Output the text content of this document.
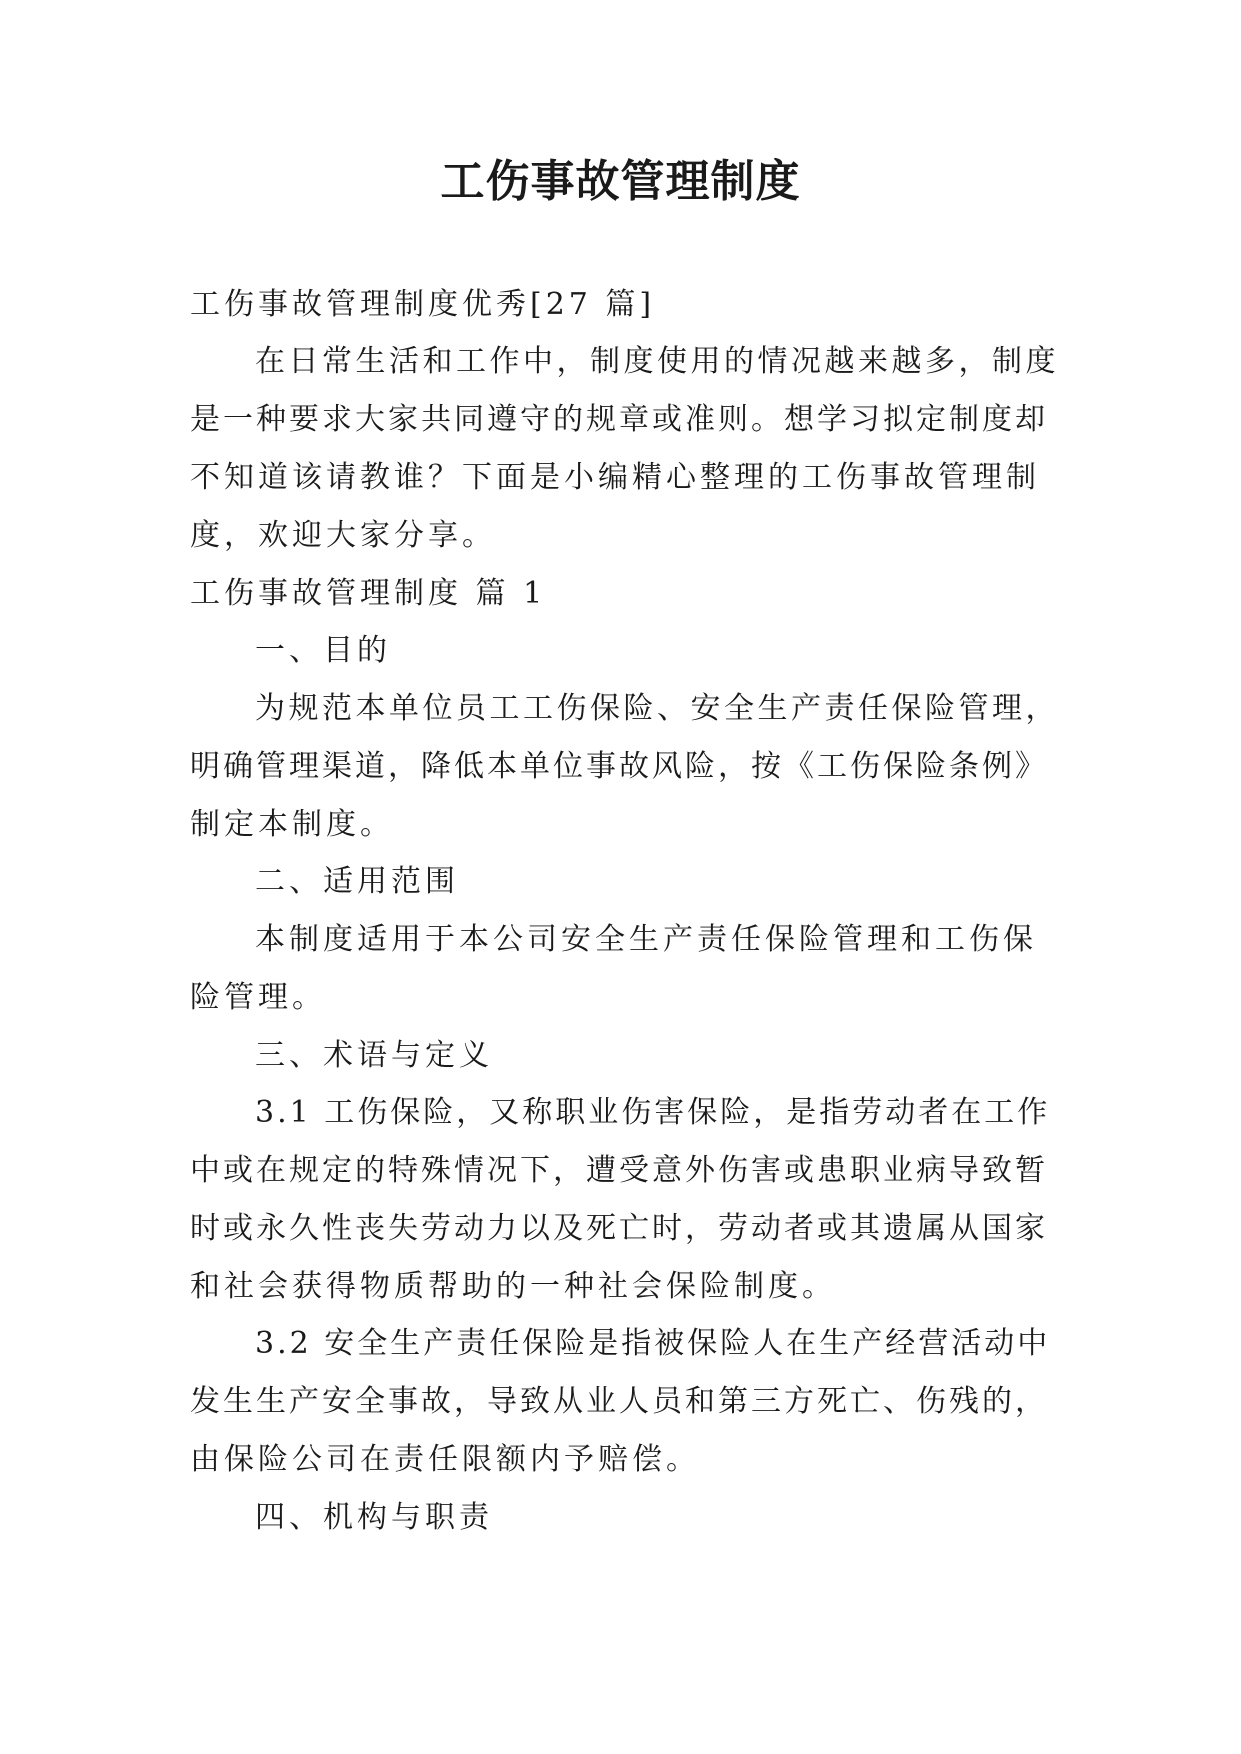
工伤事故管理制度

工伤事故管理制度优秀[27 篇]

在日常生活和工作中，制度使用的情况越来越多，制度

是一种要求大家共同遵守的规章或准则。想学习拟定制度却

不知道该请教谁？下面是小编精心整理的工伤事故管理制

度，欢迎大家分享。

工伤事故管理制度 篇 1

一、目的

为规范本单位员工工伤保险、安全生产责任保险管理，

明确管理渠道，降低本单位事故风险，按《工伤保险条例》

制定本制度。

二、适用范围

本制度适用于本公司安全生产责任保险管理和工伤保

险管理。

三、术语与定义

3.1 工伤保险，又称职业伤害保险，是指劳动者在工作

中或在规定的特殊情况下，遭受意外伤害或患职业病导致暂

时或永久性丧失劳动力以及死亡时，劳动者或其遗属从国家

和社会获得物质帮助的一种社会保险制度。

3.2 安全生产责任保险是指被保险人在生产经营活动中

发生生产安全事故，导致从业人员和第三方死亡、伤残的，

由保险公司在责任限额内予赔偿。

四、机构与职责
